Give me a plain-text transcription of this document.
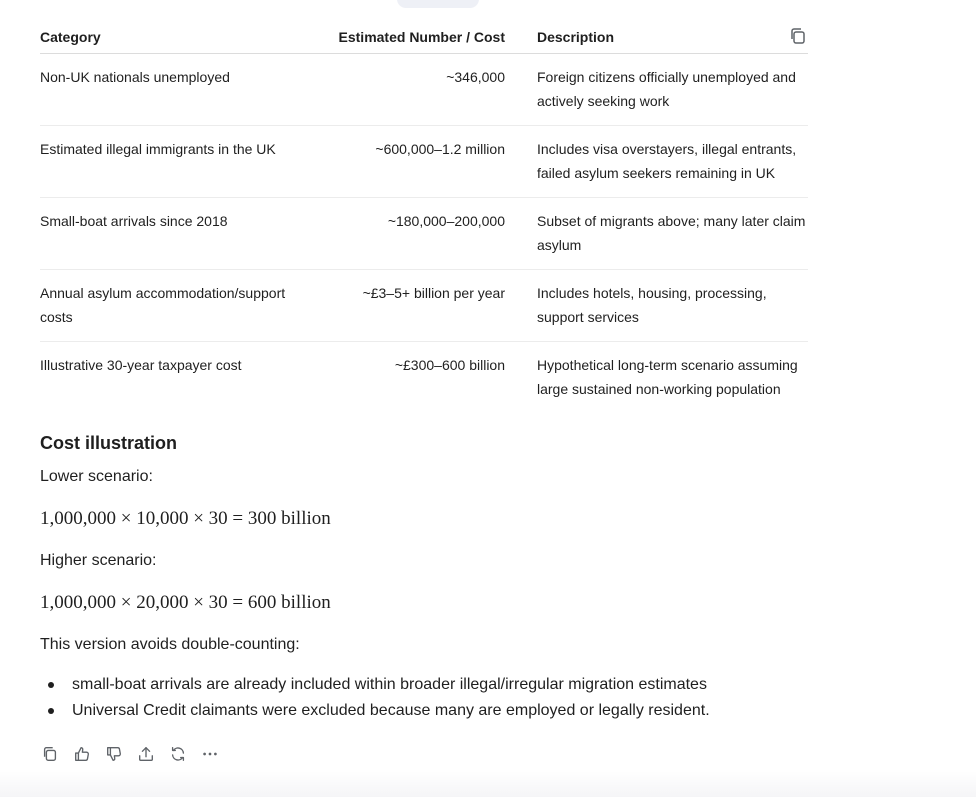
Category	Estimated Number / Cost	Description
Non-UK nationals unemployed	~346,000	Foreign citizens officially unemployed and actively seeking work
Estimated illegal immigrants in the UK	~600,000–1.2 million	Includes visa overstayers, illegal entrants, failed asylum seekers remaining in UK
Small-boat arrivals since 2018	~180,000–200,000	Subset of migrants above; many later claim asylum
Annual asylum accommodation/support costs	~£3–5+ billion per year	Includes hotels, housing, processing, support services
Illustrative 30-year taxpayer cost	~£300–600 billion	Hypothetical long-term scenario assuming large sustained non-working population
Cost illustration

Lower scenario:

1,000,000 × 10,000 × 30 = 300 billion

Higher scenario:

1,000,000 × 20,000 × 30 = 600 billion

This version avoids double-counting:

small-boat arrivals are already included within broader illegal/irregular migration estimates
Universal Credit claimants were excluded because many are employed or legally resident.
